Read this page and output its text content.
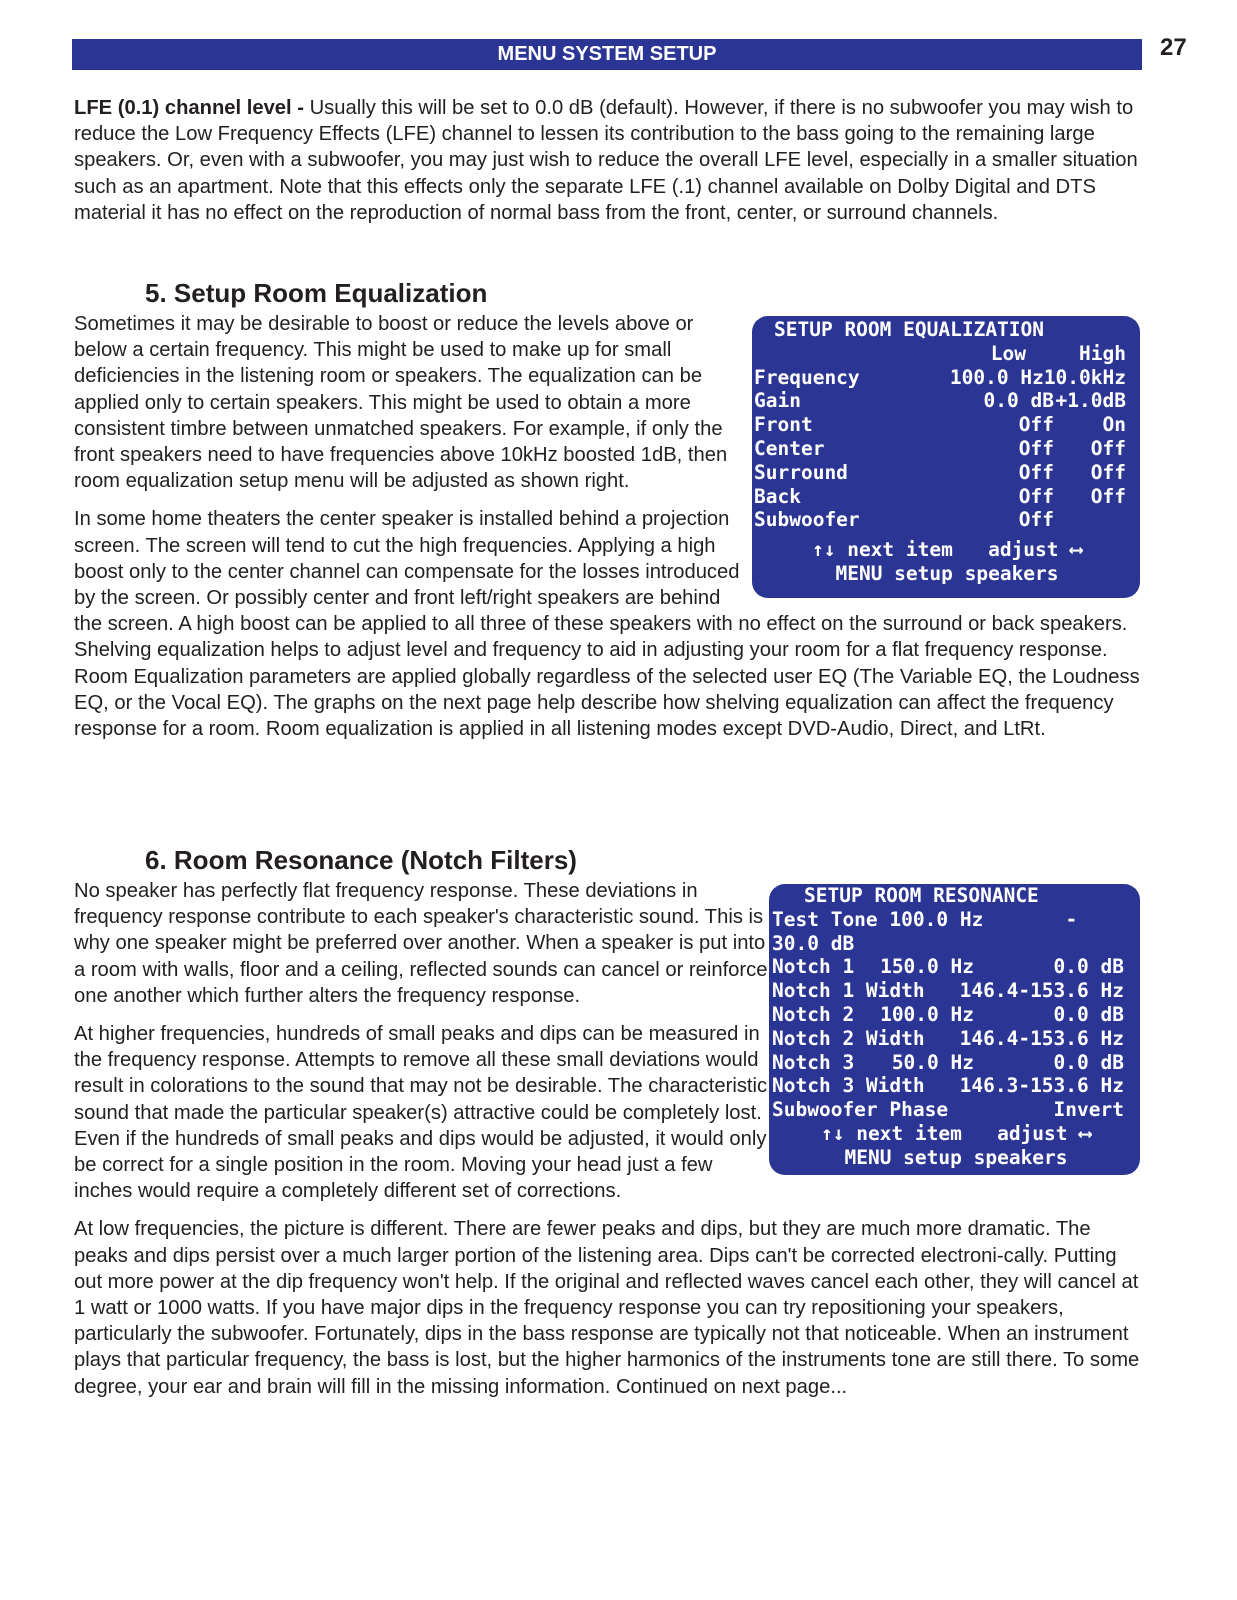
MENU SYSTEM SETUP	27

LFE (0.1) channel level - Usually this will be set to 0.0 dB (default). However, if there is no subwoofer you may wish to reduce the Low Frequency Effects (LFE) channel to lessen its contribution to the bass going to the remaining large speakers. Or, even with a subwoofer, you may just wish to reduce the overall LFE level, especially in a smaller situation such as an apartment. Note that this effects only the separate LFE (.1) channel available on Dolby Digital and DTS material it has no effect on the reproduction of normal bass from the front, center, or surround channels.

5. Setup Room Equalization
Sometimes it may be desirable to boost or reduce the levels above or below a certain frequency. This might be used to make up for small deficiencies in the listening room or speakers. The equalization can be applied only to certain speakers. This might be used to obtain a more consistent timbre between unmatched speakers. For example, if only the front speakers need to have frequencies above 10kHz boosted 1dB, then room equalization setup menu will be adjusted as shown right.
In some home theaters the center speaker is installed behind a projection screen. The screen will tend to cut the high frequencies. Applying a high boost only to the center channel can compensate for the losses introduced by the screen. Or possibly center and front left/right speakers are behind the screen. A high boost can be applied to all three of these speakers with no effect on the surround or back speakers. Shelving equalization helps to adjust level and frequency to aid in adjusting your room for a flat frequency response. Room Equalization parameters are applied globally regardless of the selected user EQ (The Variable EQ, the Loudness EQ, or the Vocal EQ). The graphs on the next page help describe how shelving equalization can affect the frequency response for a room. Room equalization is applied in all listening modes except DVD-Audio, Direct, and LtRt.
SETUP ROOM EQUALIZATION
Low	High
Frequency	100.0 Hz 10.0kHz
Gain	0.0 dB +1.0dB
Front	Off	On
Center	Off	Off
Surround	Off	Off
Back	Off	Off
Subwoofer	Off
↑↓ next item   adjust ⟷
MENU setup speakers
6. Room Resonance (Notch Filters)
No speaker has perfectly flat frequency response. These deviations in frequency response contribute to each speaker's characteristic sound. This is why one speaker might be preferred over another. When a speaker is put into a room with walls, floor and a ceiling, reflected sounds can cancel or reinforce one another which further alters the frequency response.
At higher frequencies, hundreds of small peaks and dips can be measured in the frequency response. Attempts to remove all these small deviations would result in colorations to the sound that may not be desirable. The characteristic sound that made the particular speaker(s) attractive could be completely lost. Even if the hundreds of small peaks and dips would be adjusted, it would only be correct for a single position in the room. Moving your head just a few inches would require a completely different set of corrections.
At low frequencies, the picture is different. There are fewer peaks and dips, but they are much more dramatic. The peaks and dips persist over a much larger portion of the listening area. Dips can't be corrected electroni-cally. Putting out more power at the dip frequency won't help. If the original and reflected waves cancel each other, they will cancel at 1 watt or 1000 watts. If you have major dips in the frequency response you can try repositioning your speakers, particularly the subwoofer. Fortunately, dips in the bass response are typically not that noticeable. When an instrument plays that particular frequency, the bass is lost, but the higher harmonics of the instruments tone are still there. To some degree, your ear and brain will fill in the missing information. Continued on next page...
SETUP ROOM RESONANCE
Test Tone 100.0 Hz       -
30.0 dB
Notch 1	150.0 Hz	0.0 dB
Notch 1 Width	146.4-153.6 Hz
Notch 2	100.0 Hz	0.0 dB
Notch 2 Width	146.4-153.6 Hz
Notch 3	50.0 Hz	0.0 dB
Notch 3 Width	146.3-153.6 Hz
Subwoofer Phase	Invert
↑↓ next item   adjust ⟷
MENU setup speakers
